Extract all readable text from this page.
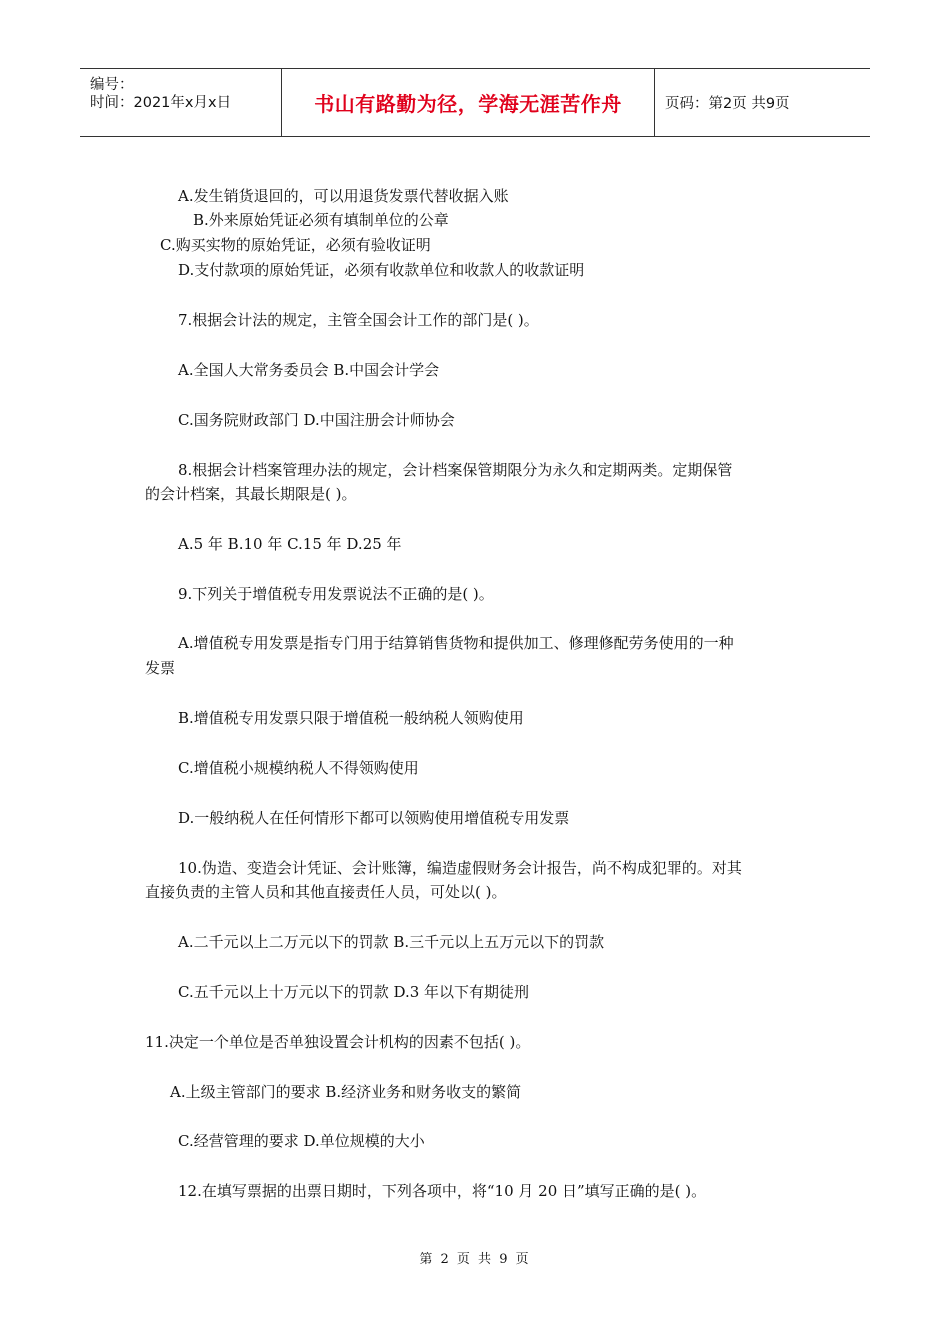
编号：
时间：2021年x月x日	书山有路勤为径，学海无涯苦作舟	页码：第2页 共9页
A.发生销货退回的，可以用退货发票代替收据入账
B.外来原始凭证必须有填制单位的公章
C.购买实物的原始凭证，必须有验收证明
D.支付款项的原始凭证，必须有收款单位和收款人的收款证明
7.根据会计法的规定，主管全国会计工作的部门是( )。
A.全国人大常务委员会 B.中国会计学会
C.国务院财政部门 D.中国注册会计师协会
8.根据会计档案管理办法的规定，会计档案保管期限分为永久和定期两类。定期保管
的会计档案，其最长期限是( )。
A.5 年 B.10 年 C.15 年 D.25 年
9.下列关于增值税专用发票说法不正确的是( )。
A.增值税专用发票是指专门用于结算销售货物和提供加工、修理修配劳务使用的一种
发票
B.增值税专用发票只限于增值税一般纳税人领购使用
C.增值税小规模纳税人不得领购使用
D.一般纳税人在任何情形下都可以领购使用增值税专用发票
10.伪造、变造会计凭证、会计账簿，编造虚假财务会计报告，尚不构成犯罪的。对其
直接负责的主管人员和其他直接责任人员，可处以( )。
A.二千元以上二万元以下的罚款 B.三千元以上五万元以下的罚款
C.五千元以上十万元以下的罚款 D.3 年以下有期徒刑
11.决定一个单位是否单独设置会计机构的因素不包括( )。
A.上级主管部门的要求 B.经济业务和财务收支的繁简
C.经营管理的要求 D.单位规模的大小
12.在填写票据的出票日期时，下列各项中，将“10 月 20 日”填写正确的是( )。
第 2 页 共 9 页
